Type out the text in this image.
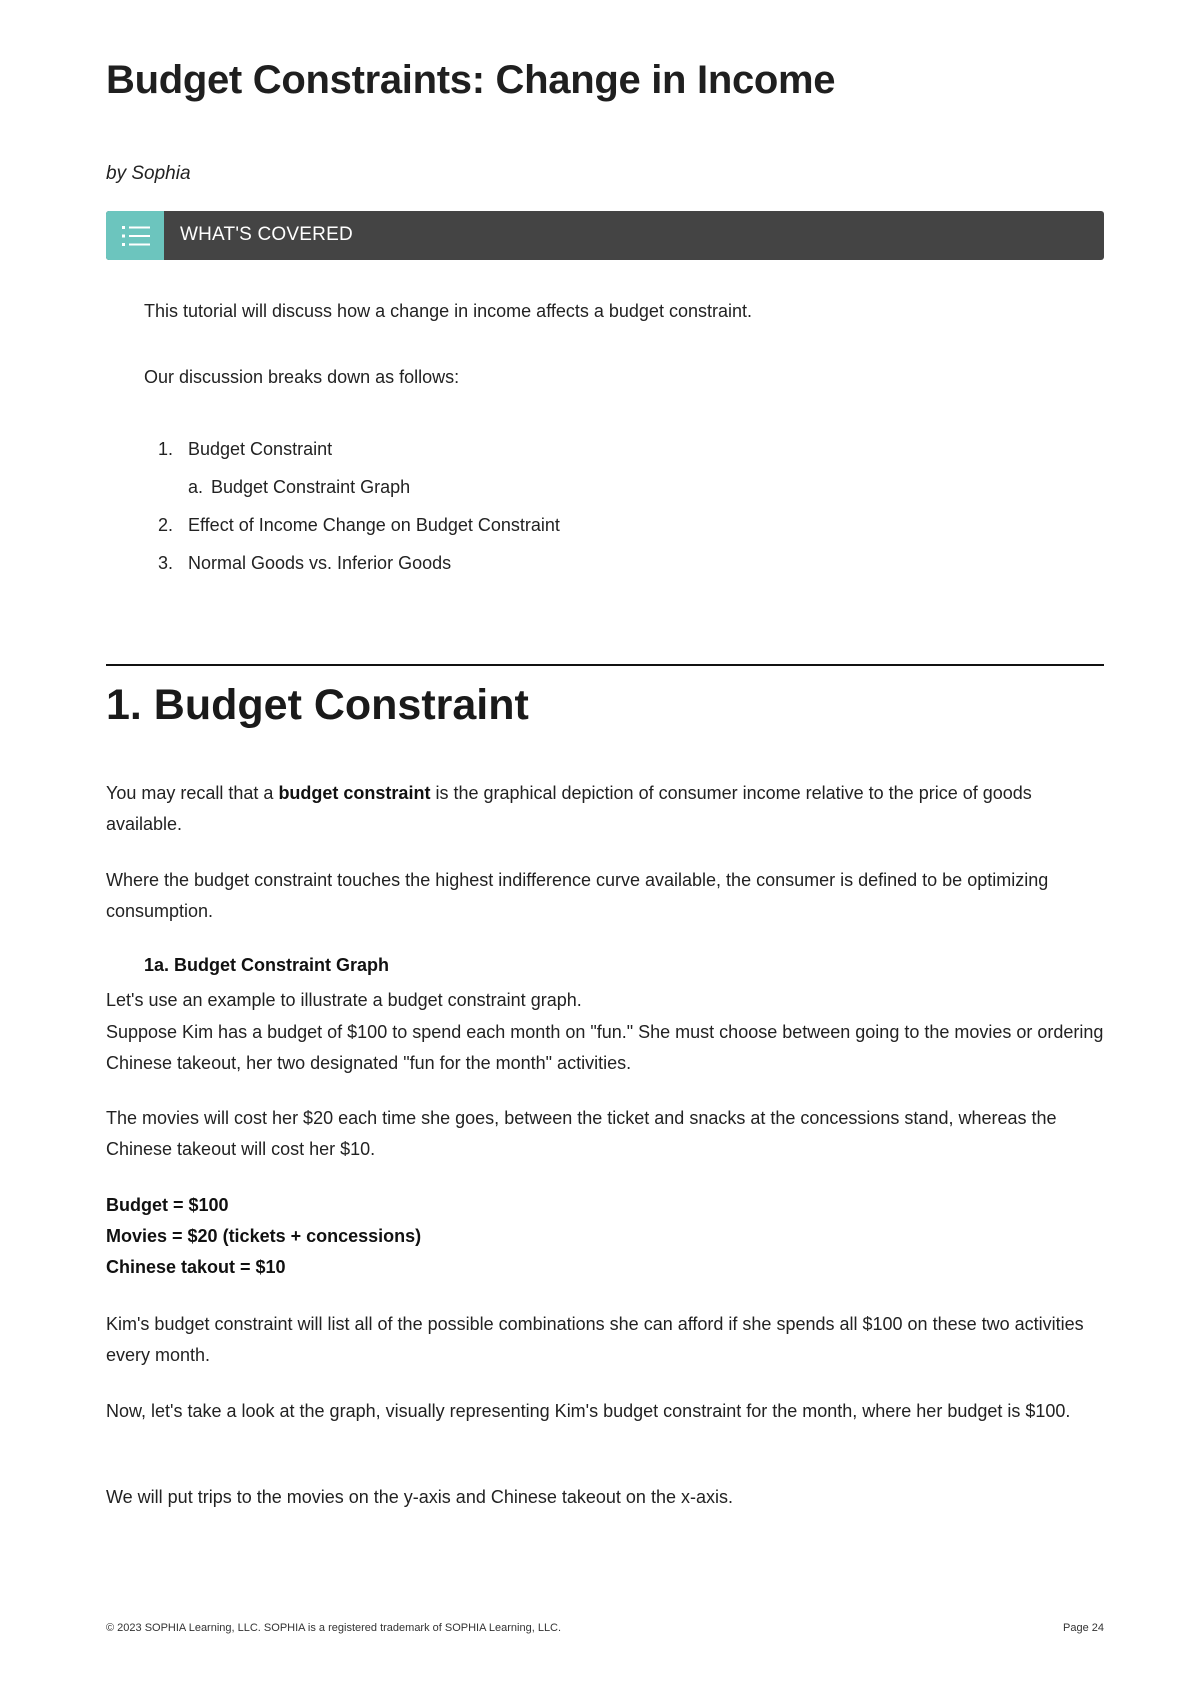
Budget Constraints: Change in Income
by Sophia
WHAT'S COVERED
This tutorial will discuss how a change in income affects a budget constraint.
Our discussion breaks down as follows:
1. Budget Constraint
a. Budget Constraint Graph
2. Effect of Income Change on Budget Constraint
3. Normal Goods vs. Inferior Goods
1. Budget Constraint

You may recall that a budget constraint is the graphical depiction of consumer income relative to the price of goods available.

Where the budget constraint touches the highest indifference curve available, the consumer is defined to be optimizing consumption.

1a. Budget Constraint Graph

Let's use an example to illustrate a budget constraint graph.

Suppose Kim has a budget of $100 to spend each month on "fun." She must choose between going to the movies or ordering Chinese takeout, her two designated "fun for the month" activities.

The movies will cost her $20 each time she goes, between the ticket and snacks at the concessions stand, whereas the Chinese takeout will cost her $10.

Budget = $100
Movies = $20 (tickets + concessions)
Chinese takout = $10

Kim's budget constraint will list all of the possible combinations she can afford if she spends all $100 on these two activities every month.

Now, let's take a look at the graph, visually representing Kim's budget constraint for the month, where her budget is $100.

We will put trips to the movies on the y-axis and Chinese takeout on the x-axis.

© 2023 SOPHIA Learning, LLC. SOPHIA is a registered trademark of SOPHIA Learning, LLC.	Page 24
